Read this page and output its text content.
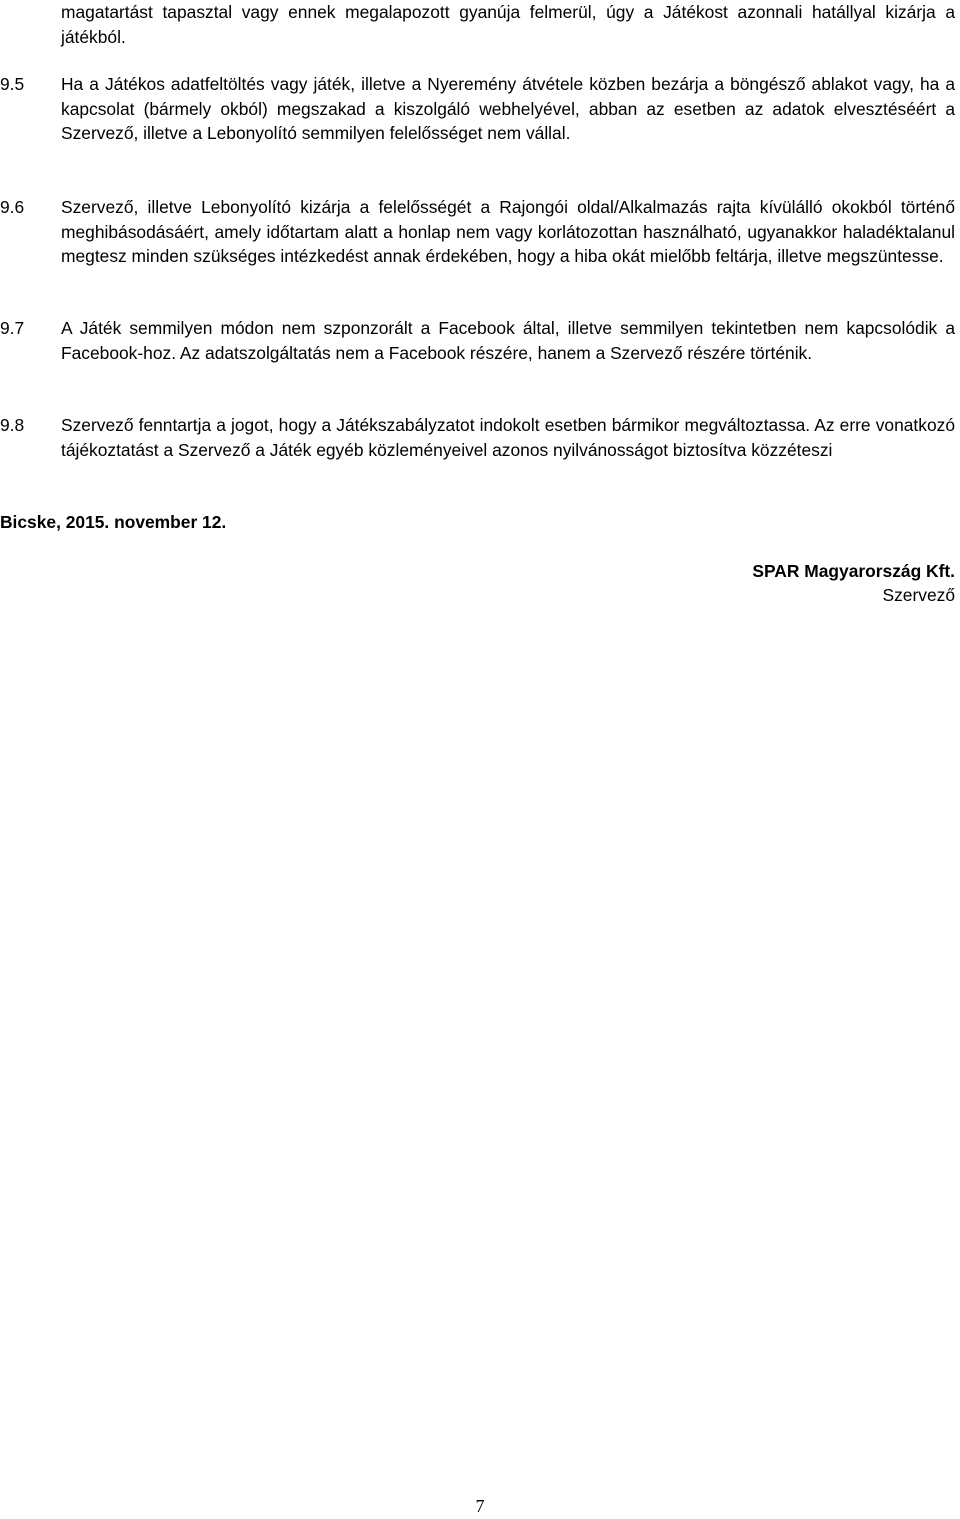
magatartást tapasztal vagy ennek megalapozott gyanúja felmerül, úgy a Játékost azonnali hatállyal kizárja a játékból.

9.5	Ha a Játékos adatfeltöltés vagy játék, illetve a Nyeremény átvétele közben bezárja a böngésző ablakot vagy, ha a kapcsolat (bármely okból) megszakad a kiszolgáló webhelyével, abban az esetben az adatok elvesztéséért a Szervező, illetve a Lebonyolító semmilyen felelősséget nem vállal.
9.6	Szervező, illetve Lebonyolító kizárja a felelősségét a Rajongói oldal/Alkalmazás rajta kívülálló okokból történő meghibásodásáért, amely időtartam alatt a honlap nem vagy korlátozottan használható, ugyanakkor haladéktalanul megtesz minden szükséges intézkedést annak érdekében, hogy a hiba okát mielőbb feltárja, illetve megszüntesse.
9.7	A Játék semmilyen módon nem szponzorált a Facebook által, illetve semmilyen tekintetben nem kapcsolódik a Facebook-hoz. Az adatszolgáltatás nem a Facebook részére, hanem a Szervező részére történik.
9.8	Szervező fenntartja a jogot, hogy a Játékszabályzatot indokolt esetben bármikor megváltoztassa. Az erre vonatkozó tájékoztatást a Szervező a Játék egyéb közleményeivel azonos nyilvánosságot biztosítva közzéteszi
Bicske, 2015. november 12.
SPAR Magyarország Kft.
Szervező
7
